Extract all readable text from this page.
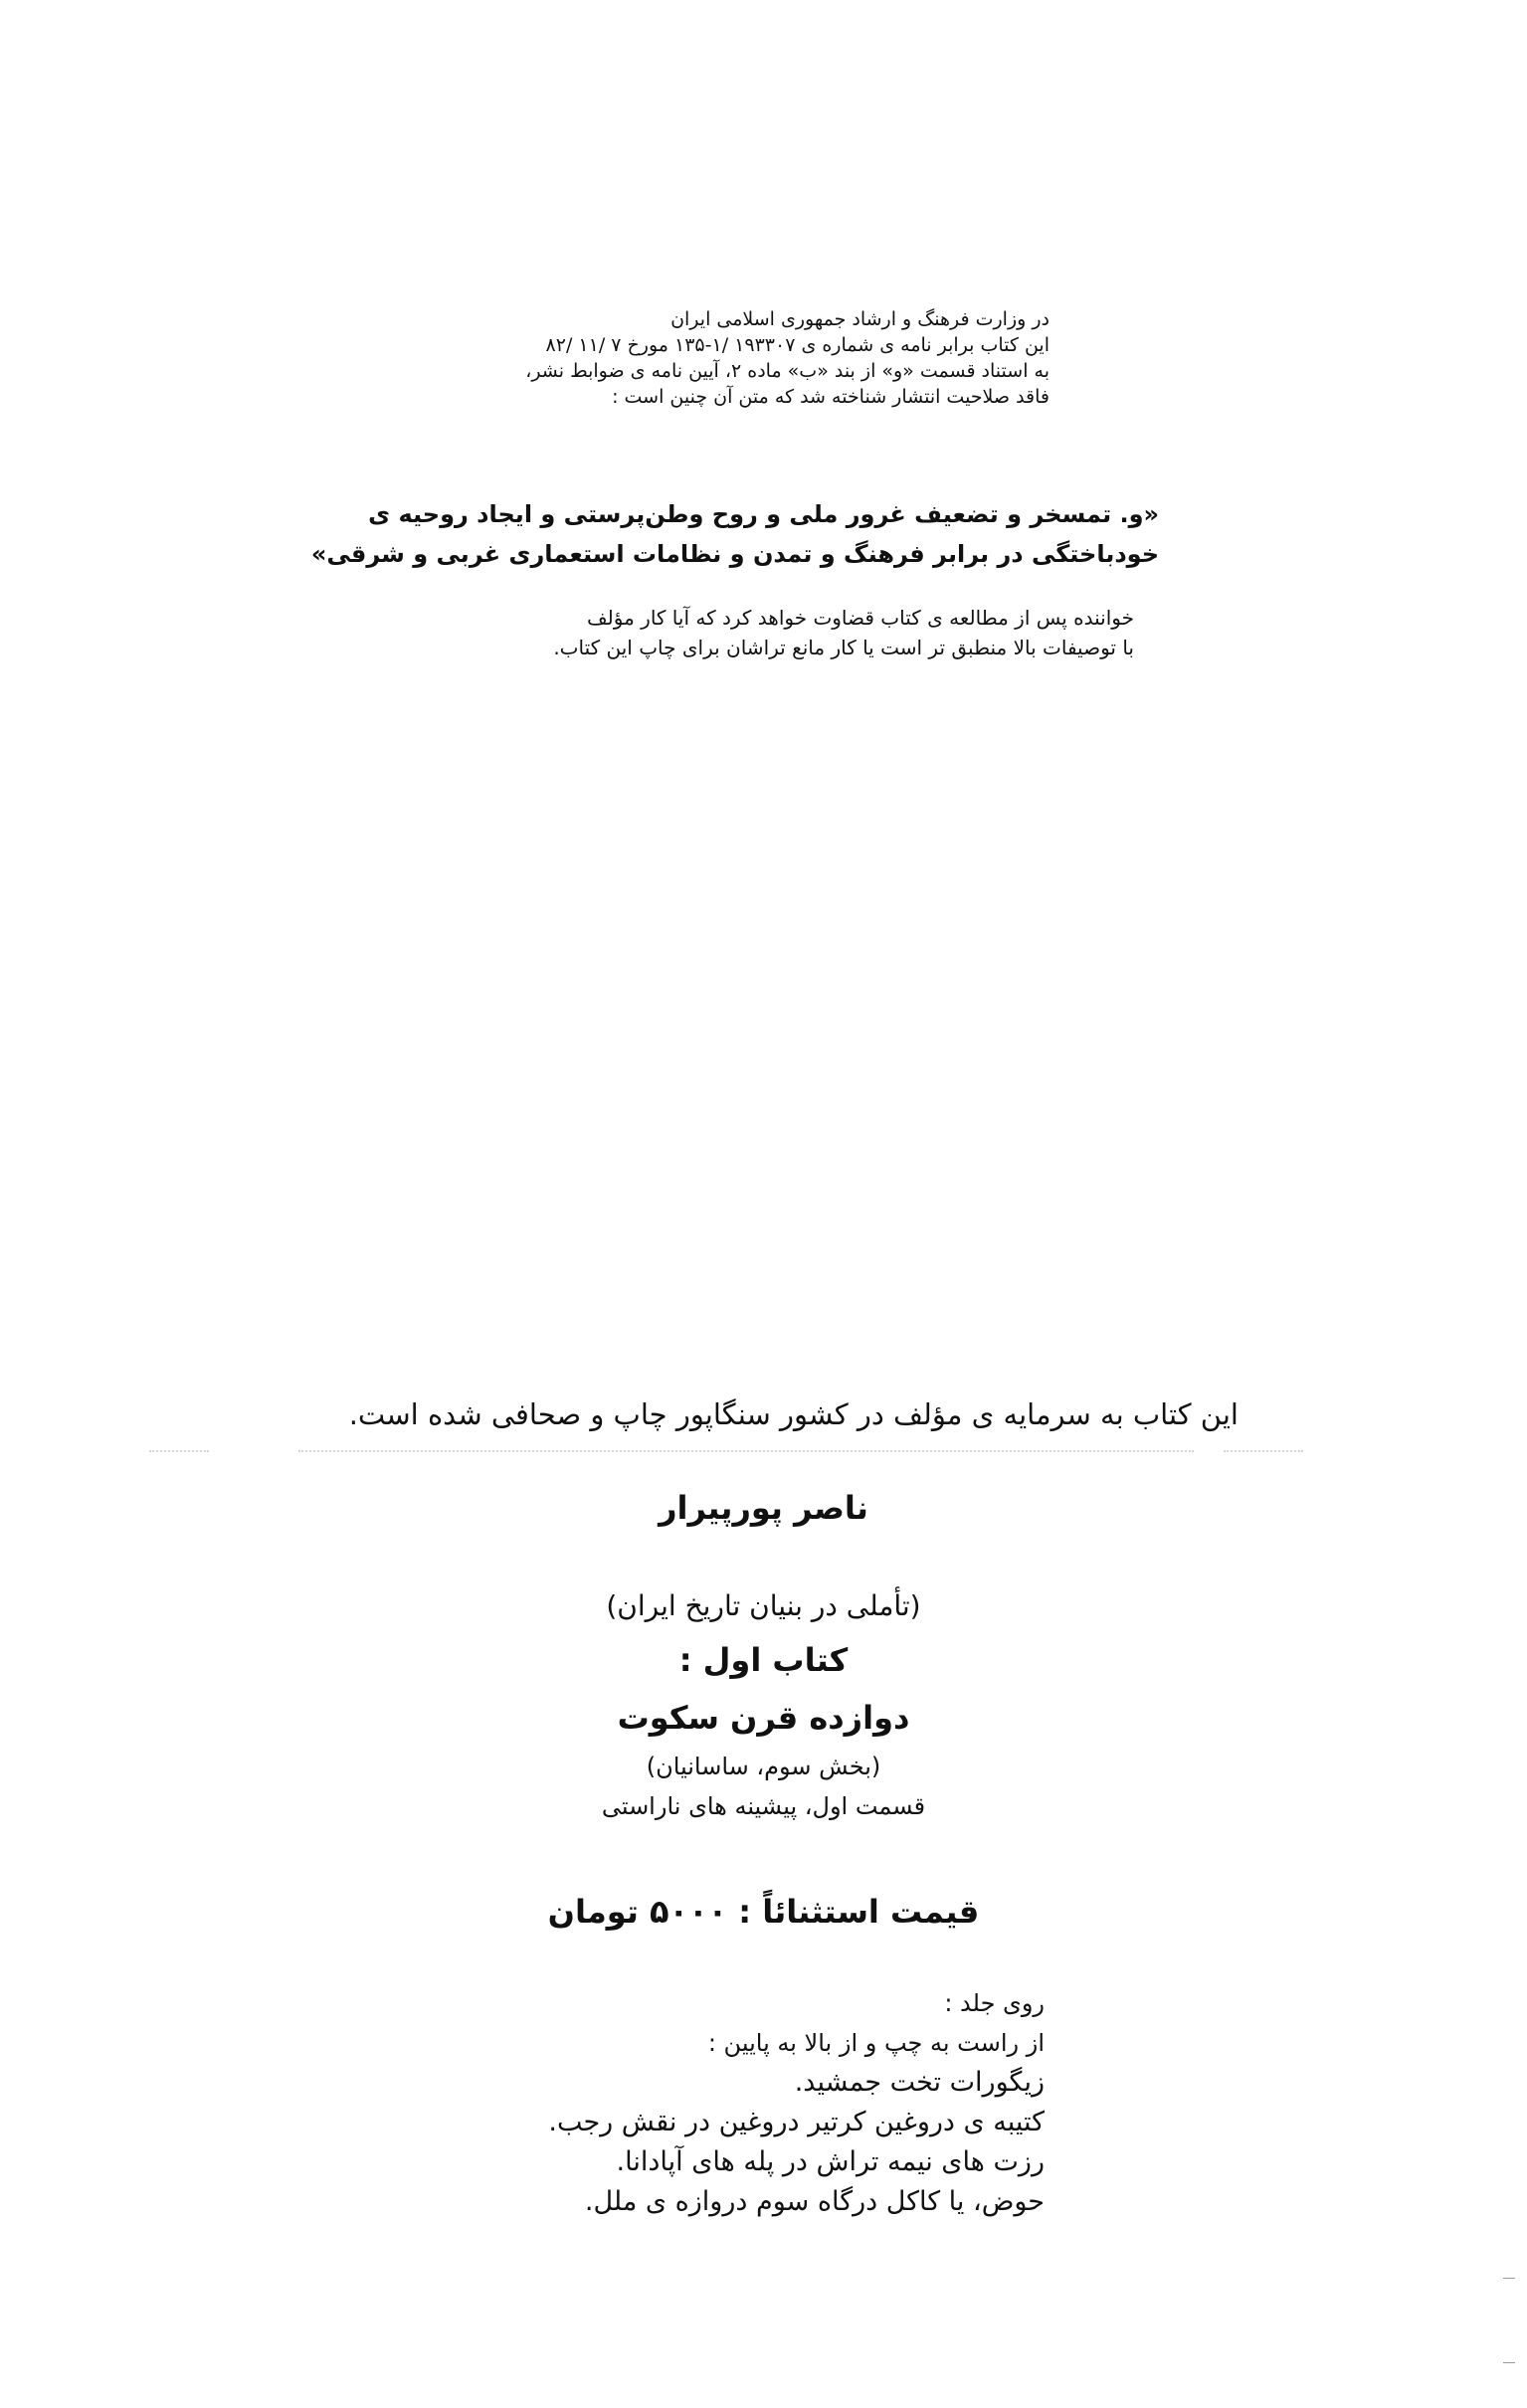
در وزارت فرهنگ و ارشاد جمهوری اسلامی ایران
این کتاب برابر نامه ی شماره ی ۱۹۳۳۰۷ /۱-۱۳۵ مورخ ۷ /۱۱ /۸۲
به استناد قسمت «و» از بند «ب» ماده ۲، آیین نامه ی ضوابط نشر،
فاقد صلاحیت انتشار شناخته شد که متن آن چنین است :
«و. تمسخر و تضعیف غرور ملی و روح وطن‌پرستی و ایجاد روحیه ی
خودباختگی در برابر فرهنگ و تمدن و نظامات استعماری غربی و شرقی»
خواننده پس از مطالعه ی کتاب قضاوت خواهد کرد که آیا کار مؤلف
با توصیفات بالا منطبق تر است یا کار مانع تراشان برای چاپ این کتاب.
این کتاب به سرمایه ی مؤلف در کشور سنگاپور چاپ و صحافی شده است.
ناصر پورپیرار
(تأملی در بنیان تاریخ ایران)
کتاب اول :
دوازده قرن سکوت
(بخش سوم، ساسانیان)
قسمت اول، پیشینه های ناراستی
قیمت استثنائاً : ۵۰۰۰ تومان
روی جلد :
از راست به چپ و از بالا به پایین :
زیگورات تخت جمشید.
کتیبه ی دروغین کرتیر دروغین در نقش رجب.
رزت های نیمه تراش در پله های آپادانا.
حوض، یا کاکل درگاه سوم دروازه ی ملل.
